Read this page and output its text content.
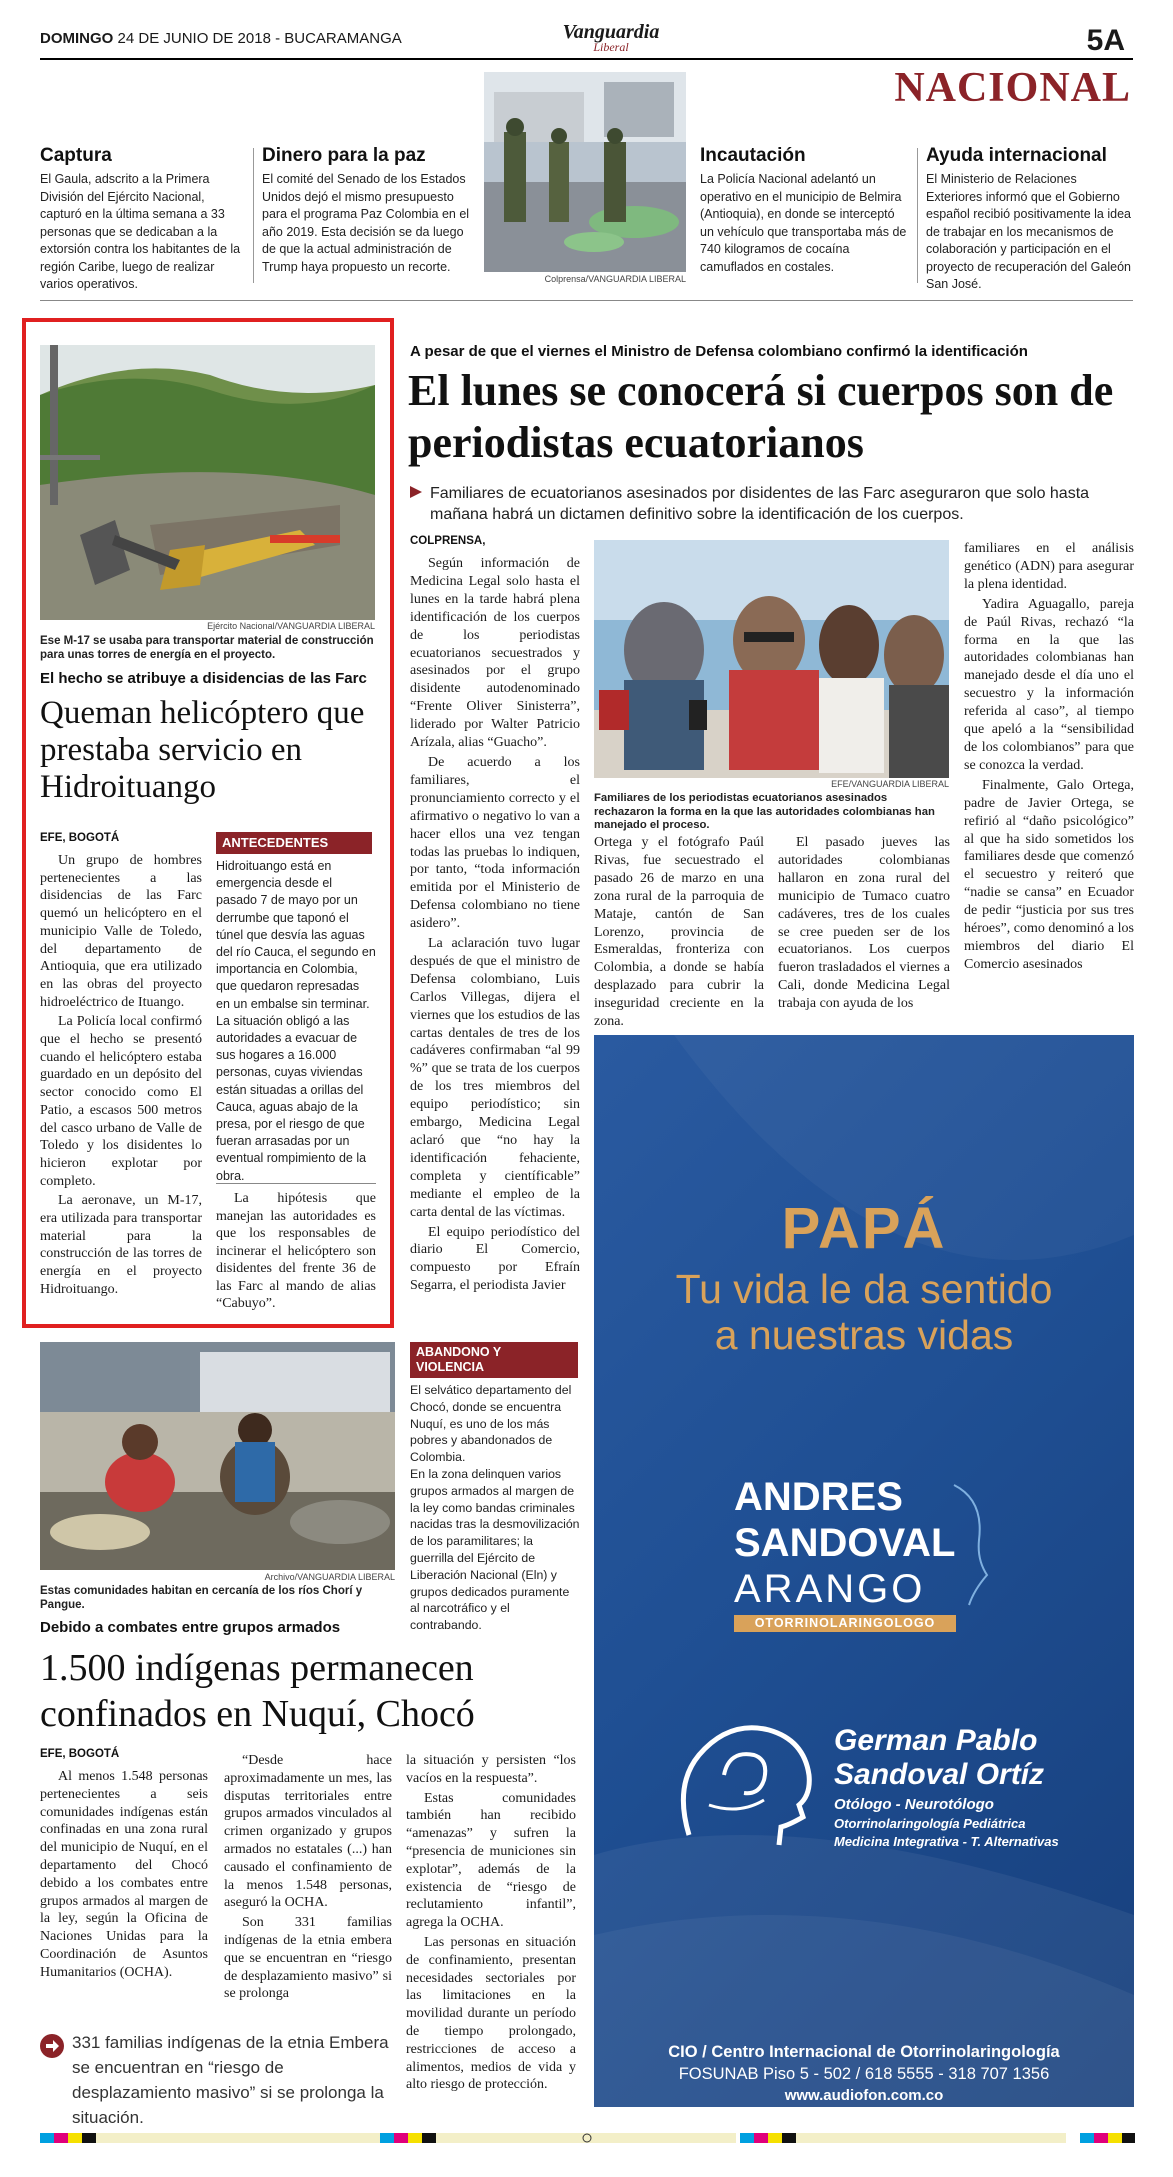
DOMINGO 24 DE JUNIO DE 2018 - BUCARAMANGA	Vanguardia
Liberal	5A
NACIONAL
Captura

El Gaula, adscrito a la Primera División del Ejército Nacional, capturó en la última semana a 33 personas que se dedicaban a la extorsión contra los habitantes de la región Caribe, luego de realizar varios operativos.

Dinero para la paz

El comité del Senado de los Estados Unidos dejó el mismo presupuesto para el programa Paz Colombia en el año 2019. Esta decisión se da luego de que la actual administración de Trump haya propuesto un recorte.

Colprensa/VANGUARDIA LIBERAL
Incautación

La Policía Nacional adelantó un operativo en el municipio de Belmira (Antioquia), en donde se interceptó un vehículo que transportaba más de 740 kilogramos de cocaína camuflados en costales.

Ayuda internacional

El Ministerio de Relaciones Exteriores informó que el Gobierno español recibió positivamente la idea de trabajar en los mecanismos de colaboración y participación en el proyecto de recuperación del Galeón San José.

Ejército Nacional/VANGUARDIA LIBERAL
Ese M-17 se usaba para transportar material de construcción para unas torres de energía en el proyecto.
El hecho se atribuye a disidencias de las Farc
Queman helicóptero que prestaba servicio en Hidroituango
EFE, BOGOTÁ

Un grupo de hombres pertenecientes a las disidencias de las Farc quemó un helicóptero en el municipio Valle de Toledo, del departamento de Antioquia, que era utilizado en las obras del proyecto hidroeléctrico de Ituango.

La Policía local confirmó que el hecho se presentó cuando el helicóptero estaba guardado en un depósito del sector conocido como El Patio, a escasos 500 metros del casco urbano de Valle de Toledo y los disidentes lo hicieron explotar por completo.

La aeronave, un M-17, era utilizada para transportar material para la construcción de las torres de energía en el proyecto Hidroituango.

ANTECEDENTES

Hidroituango está en emergencia desde el pasado 7 de mayo por un derrumbe que taponó el túnel que desvía las aguas del río Cauca, el segundo en importancia en Colombia, que quedaron represadas en un embalse sin terminar.

La situación obligó a las autoridades a evacuar de sus hogares a 16.000 personas, cuyas viviendas están situadas a orillas del Cauca, aguas abajo de la presa, por el riesgo de que fueran arrasadas por un eventual rompimiento de la obra.

La hipótesis que manejan las autoridades es que los responsables de incinerar el helicóptero son disidentes del frente 36 de las Farc al mando de alias “Cabuyo”.

A pesar de que el viernes el Ministro de Defensa colombiano confirmó la identificación
El lunes se conocerá si cuerpos son de periodistas ecuatorianos
Familiares de ecuatorianos asesinados por disidentes de las Farc aseguraron que solo hasta mañana habrá un dictamen definitivo sobre la identificación de los cuerpos.
COLPRENSA,

Según información de Medicina Legal solo hasta el lunes en la tarde habrá plena identificación de los cuerpos de los periodistas ecuatorianos secuestrados y asesinados por el grupo disidente autodenominado “Frente Oliver Sinisterra”, liderado por Walter Patricio Arízala, alias “Guacho”.

De acuerdo a los familiares, el pronunciamiento correcto y el afirmativo o negativo lo van a hacer ellos una vez tengan todas las pruebas lo indiquen, por tanto, “toda información emitida por el Ministerio de Defensa colombiano no tiene asidero”.

La aclaración tuvo lugar después de que el ministro de Defensa colombiano, Luis Carlos Villegas, dijera el viernes que los estudios de las cartas dentales de tres de los cadáveres confirmaban “al 99 %” que se trata de los cuerpos de los tres miembros del equipo periodístico; sin embargo, Medicina Legal aclaró que “no hay la identificación fehaciente, completa y científicable” mediante el empleo de la carta dental de las víctimas.

El equipo periodístico del diario El Comercio, compuesto por Efraín Segarra, el periodista Javier

EFE/VANGUARDIA LIBERAL
Familiares de los periodistas ecuatorianos asesinados rechazaron la forma en la que las autoridades colombianas han manejado el proceso.

Ortega y el fotógrafo Paúl Rivas, fue secuestrado el pasado 26 de marzo en una zona rural de la parroquia de Mataje, cantón de San Lorenzo, provincia de Esmeraldas, fronteriza con Colombia, a donde se había desplazado para cubrir la inseguridad creciente en la zona.

El pasado jueves las autoridades colombianas hallaron en zona rural del municipio de Tumaco cuatro cadáveres, tres de los cuales se cree pueden ser de los ecuatorianos. Los cuerpos fueron trasladados el viernes a Cali, donde Medicina Legal trabaja con ayuda de los

familiares en el análisis genético (ADN) para asegurar la plena identidad.

Yadira Aguagallo, pareja de Paúl Rivas, rechazó “la forma en la que las autoridades colombianas han manejado desde el día uno el secuestro y la información referida al caso”, al tiempo que apeló a la “sensibilidad de los colombianos” para que se conozca la verdad.

Finalmente, Galo Ortega, padre de Javier Ortega, se refirió al “daño psicológico” al que ha sido sometidos los familiares desde que comenzó el secuestro y reiteró que “nadie se cansa” en Ecuador de pedir “justicia por sus tres héroes”, como denominó a los miembros del diario El Comercio asesinados

Archivo/VANGUARDIA LIBERAL
Estas comunidades habitan en cercanía de los ríos Chorí y Pangue.
ABANDONO Y VIOLENCIA

El selvático departamento del Chocó, donde se encuentra Nuquí, es uno de los más pobres y abandonados de Colombia.

En la zona delinquen varios grupos armados al margen de la ley como bandas criminales nacidas tras la desmovilización de los paramilitares; la guerrilla del Ejército de Liberación Nacional (Eln) y grupos dedicados puramente al narcotráfico y el contrabando.

Debido a combates entre grupos armados
1.500 indígenas permanecen confinados en Nuquí, Chocó
EFE, BOGOTÁ

Al menos 1.548 personas pertenecientes a seis comunidades indígenas están confinadas en una zona rural del municipio de Nuquí, en el departamento del Chocó debido a los combates entre grupos armados al margen de la ley, según la Oficina de Naciones Unidas para la Coordinación de Asuntos Humanitarios (OCHA).

“Desde hace aproximadamente un mes, las disputas territoriales entre grupos armados vinculados al crimen organizado y grupos armados no estatales (...) han causado el confinamiento de la menos 1.548 personas, aseguró la OCHA.

Son 331 familias indígenas de la etnia embera que se encuentran en “riesgo de desplazamiento masivo” si se prolonga

la situación y persisten “los vacíos en la respuesta”.

Estas comunidades también han recibido “amenazas” y sufren la “presencia de municiones sin explotar”, además de la existencia de “riesgo de reclutamiento infantil”, agrega la OCHA.

Las personas en situación de confinamiento, presentan necesidades sectoriales por las limitaciones en la movilidad durante un período de tiempo prolongado, restricciones de acceso a alimentos, medios de vida y alto riesgo de protección.

331 familias indígenas de la etnia Embera se encuentran en “riesgo de desplazamiento masivo” si se prolonga la situación.
PAPÁ
Tu vida le da sentido
a nuestras vidas
ANDRES
SANDOVAL
ARANGO
OTORRINOLARINGOLOGO
German Pablo
Sandoval Ortíz
Otólogo - Neurotólogo
Otorrinolaringología Pediátrica
Medicina Integrativa - T. Alternativas
CIO / Centro Internacional de Otorrinolaringología
FOSUNAB Piso 5 - 502 / 618 5555 - 318 707 1356
www.audiofon.com.co
